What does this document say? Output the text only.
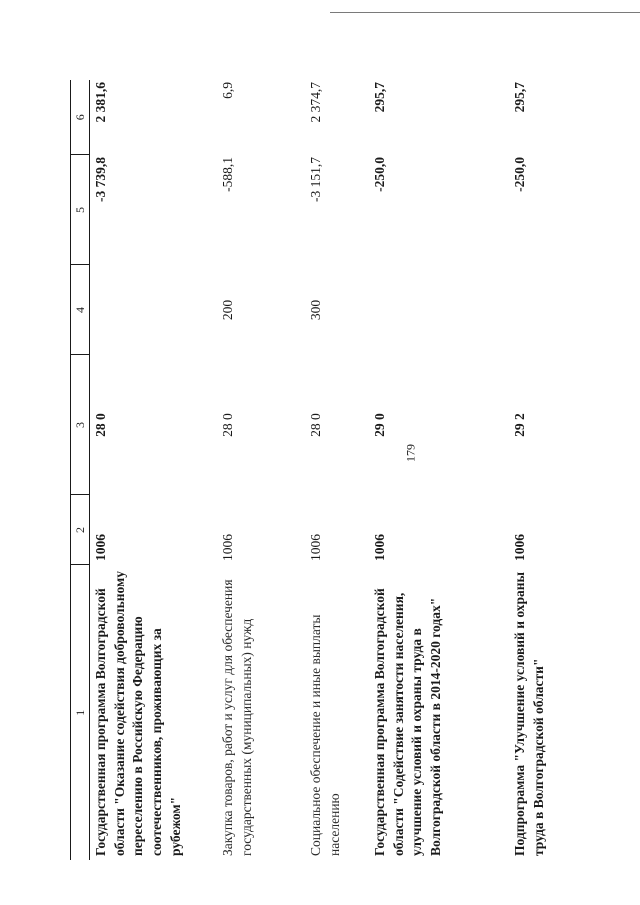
179
1	2	3	4	5	6
Государственная программа Волгоградской области "Оказание содействия добровольному переселению в Российскую Федерацию соотечественников, проживающих за рубежом"	1006	28 0		-3 739,8	2 381,6
Закупка товаров, работ и услуг для обеспечения государственных (муниципальных) нужд	1006	28 0	200	-588,1	6,9
Социальное обеспечение и иные выплаты населению	1006	28 0	300	-3 151,7	2 374,7
Государственная программа Волгоградской области "Содействие занятости населения, улучшение условий и охраны труда в Волгоградской области в 2014-2020 годах"	1006	29 0		-250,0	295,7
Подпрограмма "Улучшение условий и охраны труда в Волгоградской области"	1006	29 2		-250,0	295,7
